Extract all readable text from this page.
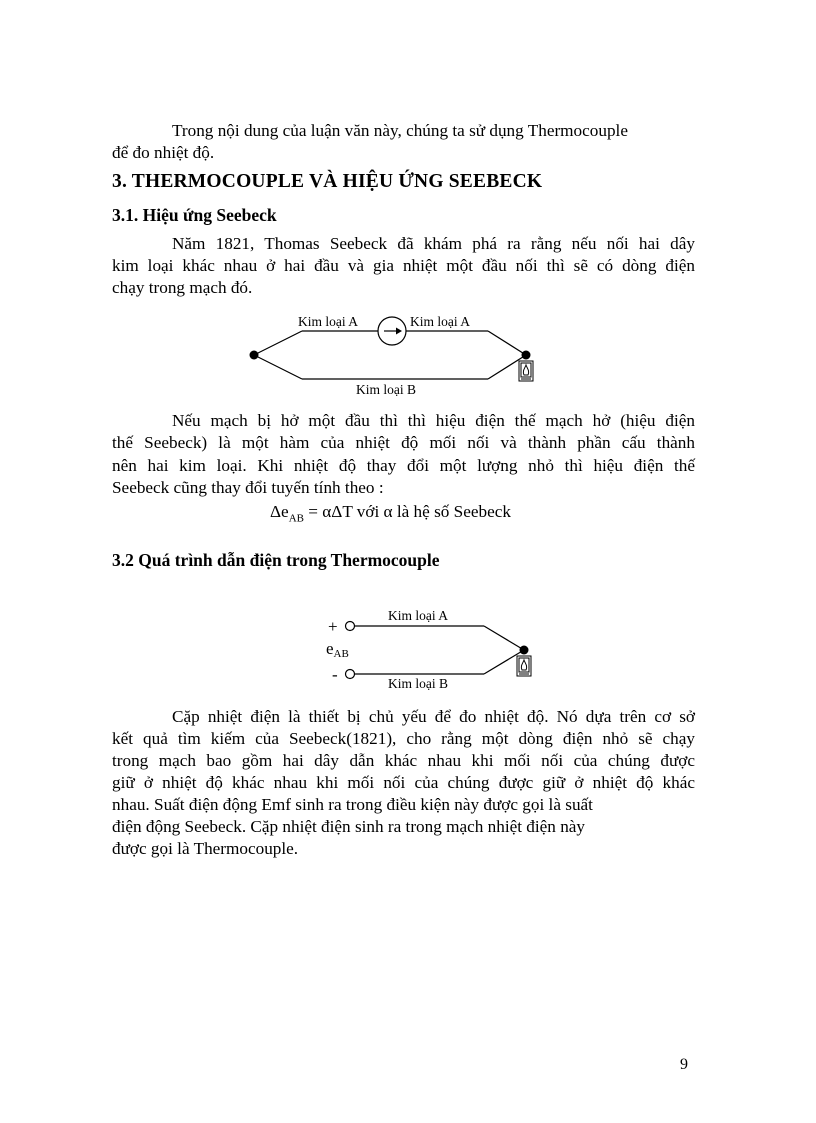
Trong nội dung của luận văn này, chúng ta sử dụng Thermocouple
để đo nhiệt độ.
3. THERMOCOUPLE VÀ HIỆU ỨNG SEEBECK
3.1. Hiệu ứng Seebeck
Năm 1821, Thomas Seebeck đã khám phá ra rằng nếu nối hai dây
kim loại khác nhau ở hai đầu và gia nhiệt một đầu nối thì sẽ có dòng điện
chạy trong mạch đó.
Kim loại A	Kim loại A
Kim loại B
Nếu mạch bị hở một đầu thì thì hiệu điện thế mạch hở (hiệu điện
thế Seebeck) là một hàm của nhiệt độ mối nối và thành phần cấu thành
nên hai kim loại. Khi nhiệt độ thay đổi một lượng nhỏ thì hiệu điện thế
Seebeck cũng thay đổi tuyến tính theo :
$\Delta e_{AB} = \alpha\Delta T$ với α là hệ số Seebeck
3.2 Quá trình dẫn điện trong Thermocouple
+
-
eAB
Kim loại A
Kim loại B
Cặp nhiệt điện là thiết bị chủ yếu để đo nhiệt độ. Nó dựa trên cơ sở
kết quả tìm kiếm của Seebeck(1821), cho rằng một dòng điện nhỏ sẽ chạy
trong mạch bao gồm hai dây dẫn khác nhau khi mối nối của chúng được
giữ ở nhiệt độ khác nhau khi mối nối của chúng được giữ ở nhiệt độ khác
nhau. Suất điện động Emf sinh ra trong điều kiện này được gọi là suất
điện động Seebeck. Cặp nhiệt điện sinh ra trong mạch nhiệt điện này
được gọi là Thermocouple.
9
